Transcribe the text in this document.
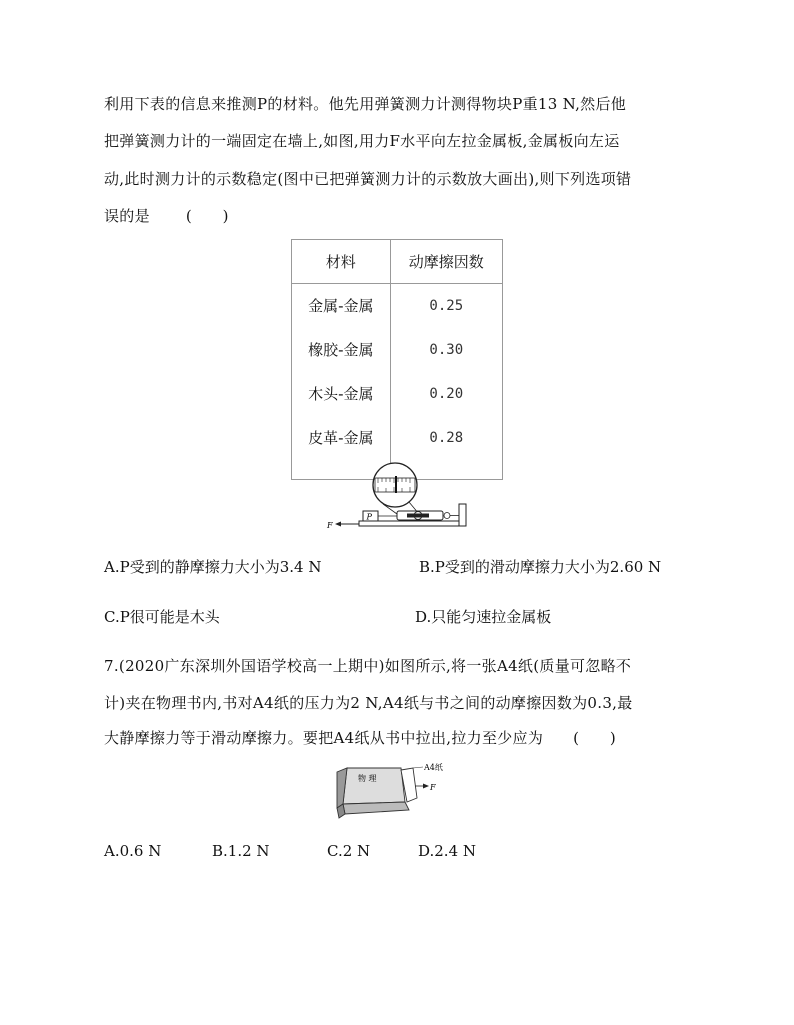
利用下表的信息来推测P的材料。他先用弹簧测力计测得物块P重13 N,然后他
把弹簧测力计的一端固定在墙上,如图,用力F水平向左拉金属板,金属板向左运
动,此时测力计的示数稳定(图中已把弹簧测力计的示数放大画出),则下列选项错
误的是 (　　)
材料	动摩擦因数
金属-金属	0.25
橡胶-金属	0.30
木头-金属	0.20
皮革-金属	0.28

P
F
A.P受到的静摩擦力大小为3.4 N	B.P受到的滑动摩擦力大小为2.60 N
C.P很可能是木头	D.只能匀速拉金属板
7.(2020广东深圳外国语学校高一上期中)如图所示,将一张A4纸(质量可忽略不
计)夹在物理书内,书对A4纸的压力为2 N,A4纸与书之间的动摩擦因数为0.3,最
大静摩擦力等于滑动摩擦力。要把A4纸从书中拉出,拉力至少应为 (　　)
物 理
A4纸
F
A.0.6 N	B.1.2 N	C.2 N	D.2.4 N
